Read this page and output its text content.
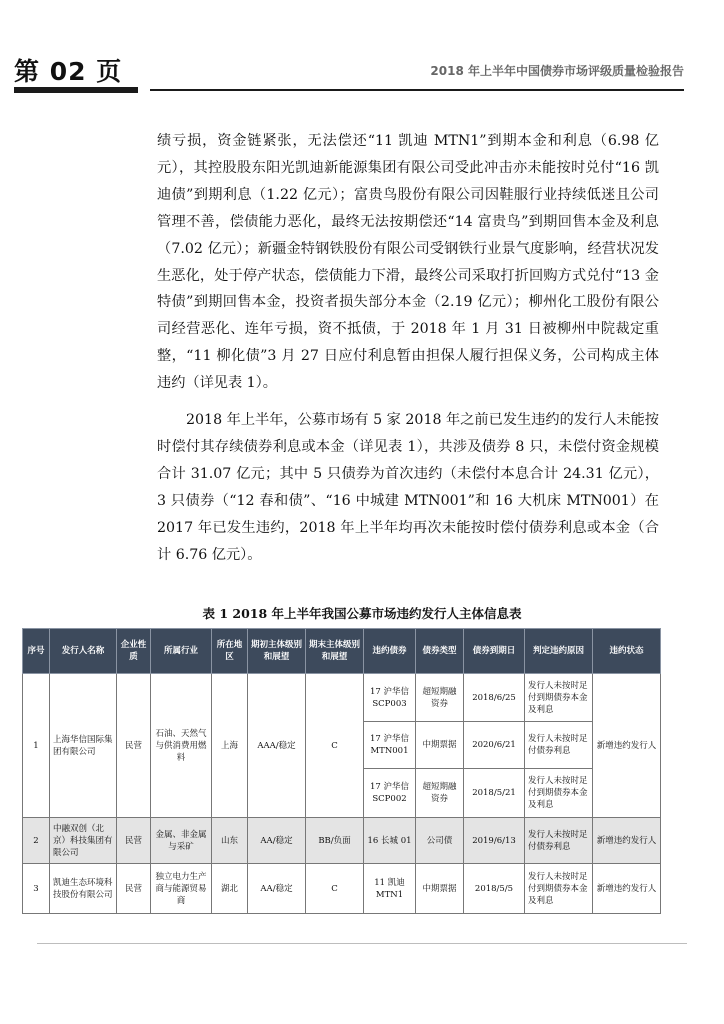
第 02 页	2018 年上半年中国债券市场评级质量检验报告

绩亏损，资金链紧张，无法偿还“11 凯迪 MTN1”到期本金和利息（6.98 亿元），其控股股东阳光凯迪新能源集团有限公司受此冲击亦未能按时兑付“16 凯迪债”到期利息（1.22 亿元）；富贵鸟股份有限公司因鞋服行业持续低迷且公司管理不善，偿债能力恶化，最终无法按期偿还“14 富贵鸟”到期回售本金及利息（7.02 亿元）；新疆金特钢铁股份有限公司受钢铁行业景气度影响，经营状况发生恶化，处于停产状态，偿债能力下滑，最终公司采取打折回购方式兑付“13 金特债”到期回售本金，投资者损失部分本金（2.19 亿元）；柳州化工股份有限公司经营恶化、连年亏损，资不抵债，于 2018 年 1 月 31 日被柳州中院裁定重整，“11 柳化债”3 月 27 日应付利息暂由担保人履行担保义务，公司构成主体违约（详见表 1）。

2018 年上半年，公募市场有 5 家 2018 年之前已发生违约的发行人未能按时偿付其存续债券利息或本金（详见表 1），共涉及债券 8 只，未偿付资金规模合计 31.07 亿元；其中 5 只债券为首次违约（未偿付本息合计 24.31 亿元），3 只债券（“12 春和债”、“16 中城建 MTN001”和 16 大机床 MTN001）在 2017 年已发生违约，2018 年上半年均再次未能按时偿付债券利息或本金（合计 6.76 亿元）。

表 1 2018 年上半年我国公募市场违约发行人主体信息表
序号	发行人名称	企业性质	所属行业	所在地区	期初主体级别和展望	期末主体级别和展望	违约债券	债券类型	债券到期日	判定违约原因	违约状态
1	上海华信国际集团有限公司	民营	石油、天然气与供消费用燃料	上海	AAA/稳定	C	17 沪华信 SCP003	超短期融资券	2018/6/25	发行人未按时足付到期债券本金及利息	新增违约发行人
							17 沪华信 MTN001	中期票据	2020/6/21	发行人未按时足付债券利息	
							17 沪华信 SCP002	超短期融资券	2018/5/21	发行人未按时足付到期债券本金及利息	
2	中融双创（北京）科技集团有限公司	民营	金属、非金属与采矿	山东	AA/稳定	BB/负面	16 长城 01	公司债	2019/6/13	发行人未按时足付债券利息	新增违约发行人
3	凯迪生态环境科技股份有限公司	民营	独立电力生产商与能源贸易商	湖北	AA/稳定	C	11 凯迪 MTN1	中期票据	2018/5/5	发行人未按时足付到期债券本金及利息	新增违约发行人
